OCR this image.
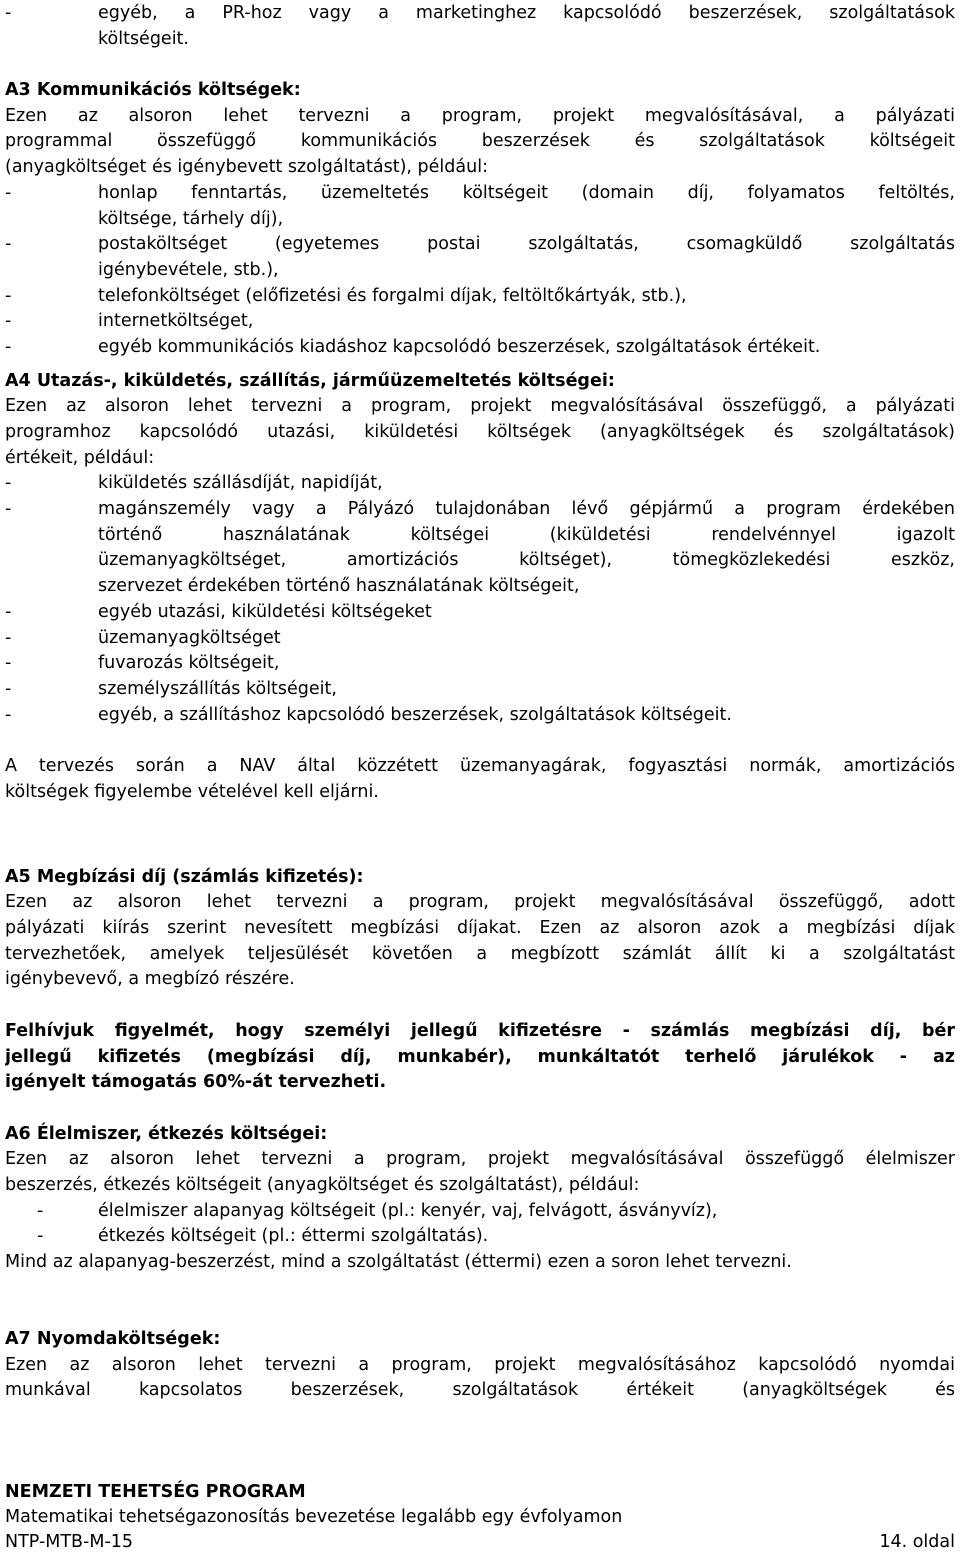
-	egyéb, a PR-hoz vagy a marketinghez kapcsolódó beszerzések, szolgáltatások
költségeit.
A3 Kommunikációs költségek:
Ezen az alsoron lehet tervezni a program, projekt megvalósításával, a pályázati
programmal összefüggő kommunikációs beszerzések és szolgáltatások költségeit
(anyagköltséget és igénybevett szolgáltatást), például:
-	honlap fenntartás, üzemeltetés költségeit (domain díj, folyamatos feltöltés,
költsége, tárhely díj),
-	postaköltséget (egyetemes postai szolgáltatás, csomagküldő szolgáltatás
igénybevétele, stb.),
-	telefonköltséget (előfizetési és forgalmi díjak, feltöltőkártyák, stb.),
-	internetköltséget,
-	egyéb kommunikációs kiadáshoz kapcsolódó beszerzések, szolgáltatások értékeit.
A4 Utazás-, kiküldetés, szállítás, járműüzemeltetés költségei:
Ezen az alsoron lehet tervezni a program, projekt megvalósításával összefüggő, a pályázati
programhoz kapcsolódó utazási, kiküldetési költségek (anyagköltségek és szolgáltatások)
értékeit, például:
-	kiküldetés szállásdíját, napidíját,
-	magánszemély vagy a Pályázó tulajdonában lévő gépjármű a program érdekében
történő használatának költségei (kiküldetési rendelvénnyel igazolt
üzemanyagköltséget, amortizációs költséget), tömegközlekedési eszköz,
szervezet érdekében történő használatának költségeit,
-	egyéb utazási, kiküldetési költségeket
-	üzemanyagköltséget
-	fuvarozás költségeit,
-	személyszállítás költségeit,
-	egyéb, a szállításhoz kapcsolódó beszerzések, szolgáltatások költségeit.
A tervezés során a NAV által közzétett üzemanyagárak, fogyasztási normák, amortizációs
költségek figyelembe vételével kell eljárni.
A5 Megbízási díj (számlás kifizetés):
Ezen az alsoron lehet tervezni a program, projekt megvalósításával összefüggő, adott
pályázati kiírás szerint nevesített megbízási díjakat. Ezen az alsoron azok a megbízási díjak
tervezhetőek, amelyek teljesülését követően a megbízott számlát állít ki a szolgáltatást
igénybevevő, a megbízó részére.
Felhívjuk figyelmét, hogy személyi jellegű kifizetésre - számlás megbízási díj, bér
jellegű kifizetés (megbízási díj, munkabér), munkáltatót terhelő járulékok - az
igényelt támogatás 60%-át tervezheti.
A6 Élelmiszer, étkezés költségei:
Ezen az alsoron lehet tervezni a program, projekt megvalósításával összefüggő élelmiszer
beszerzés, étkezés költségeit (anyagköltséget és szolgáltatást), például:
-	élelmiszer alapanyag költségeit (pl.: kenyér, vaj, felvágott, ásványvíz),
-	étkezés költségeit (pl.: éttermi szolgáltatás).
Mind az alapanyag-beszerzést, mind a szolgáltatást (éttermi) ezen a soron lehet tervezni.
A7 Nyomdaköltségek:
Ezen az alsoron lehet tervezni a program, projekt megvalósításához kapcsolódó nyomdai
munkával kapcsolatos beszerzések, szolgáltatások értékeit (anyagköltségek és
NEMZETI TEHETSÉG PROGRAM
Matematikai tehetségazonosítás bevezetése legalább egy évfolyamon
NTP-MTB-M-15	14. oldal
